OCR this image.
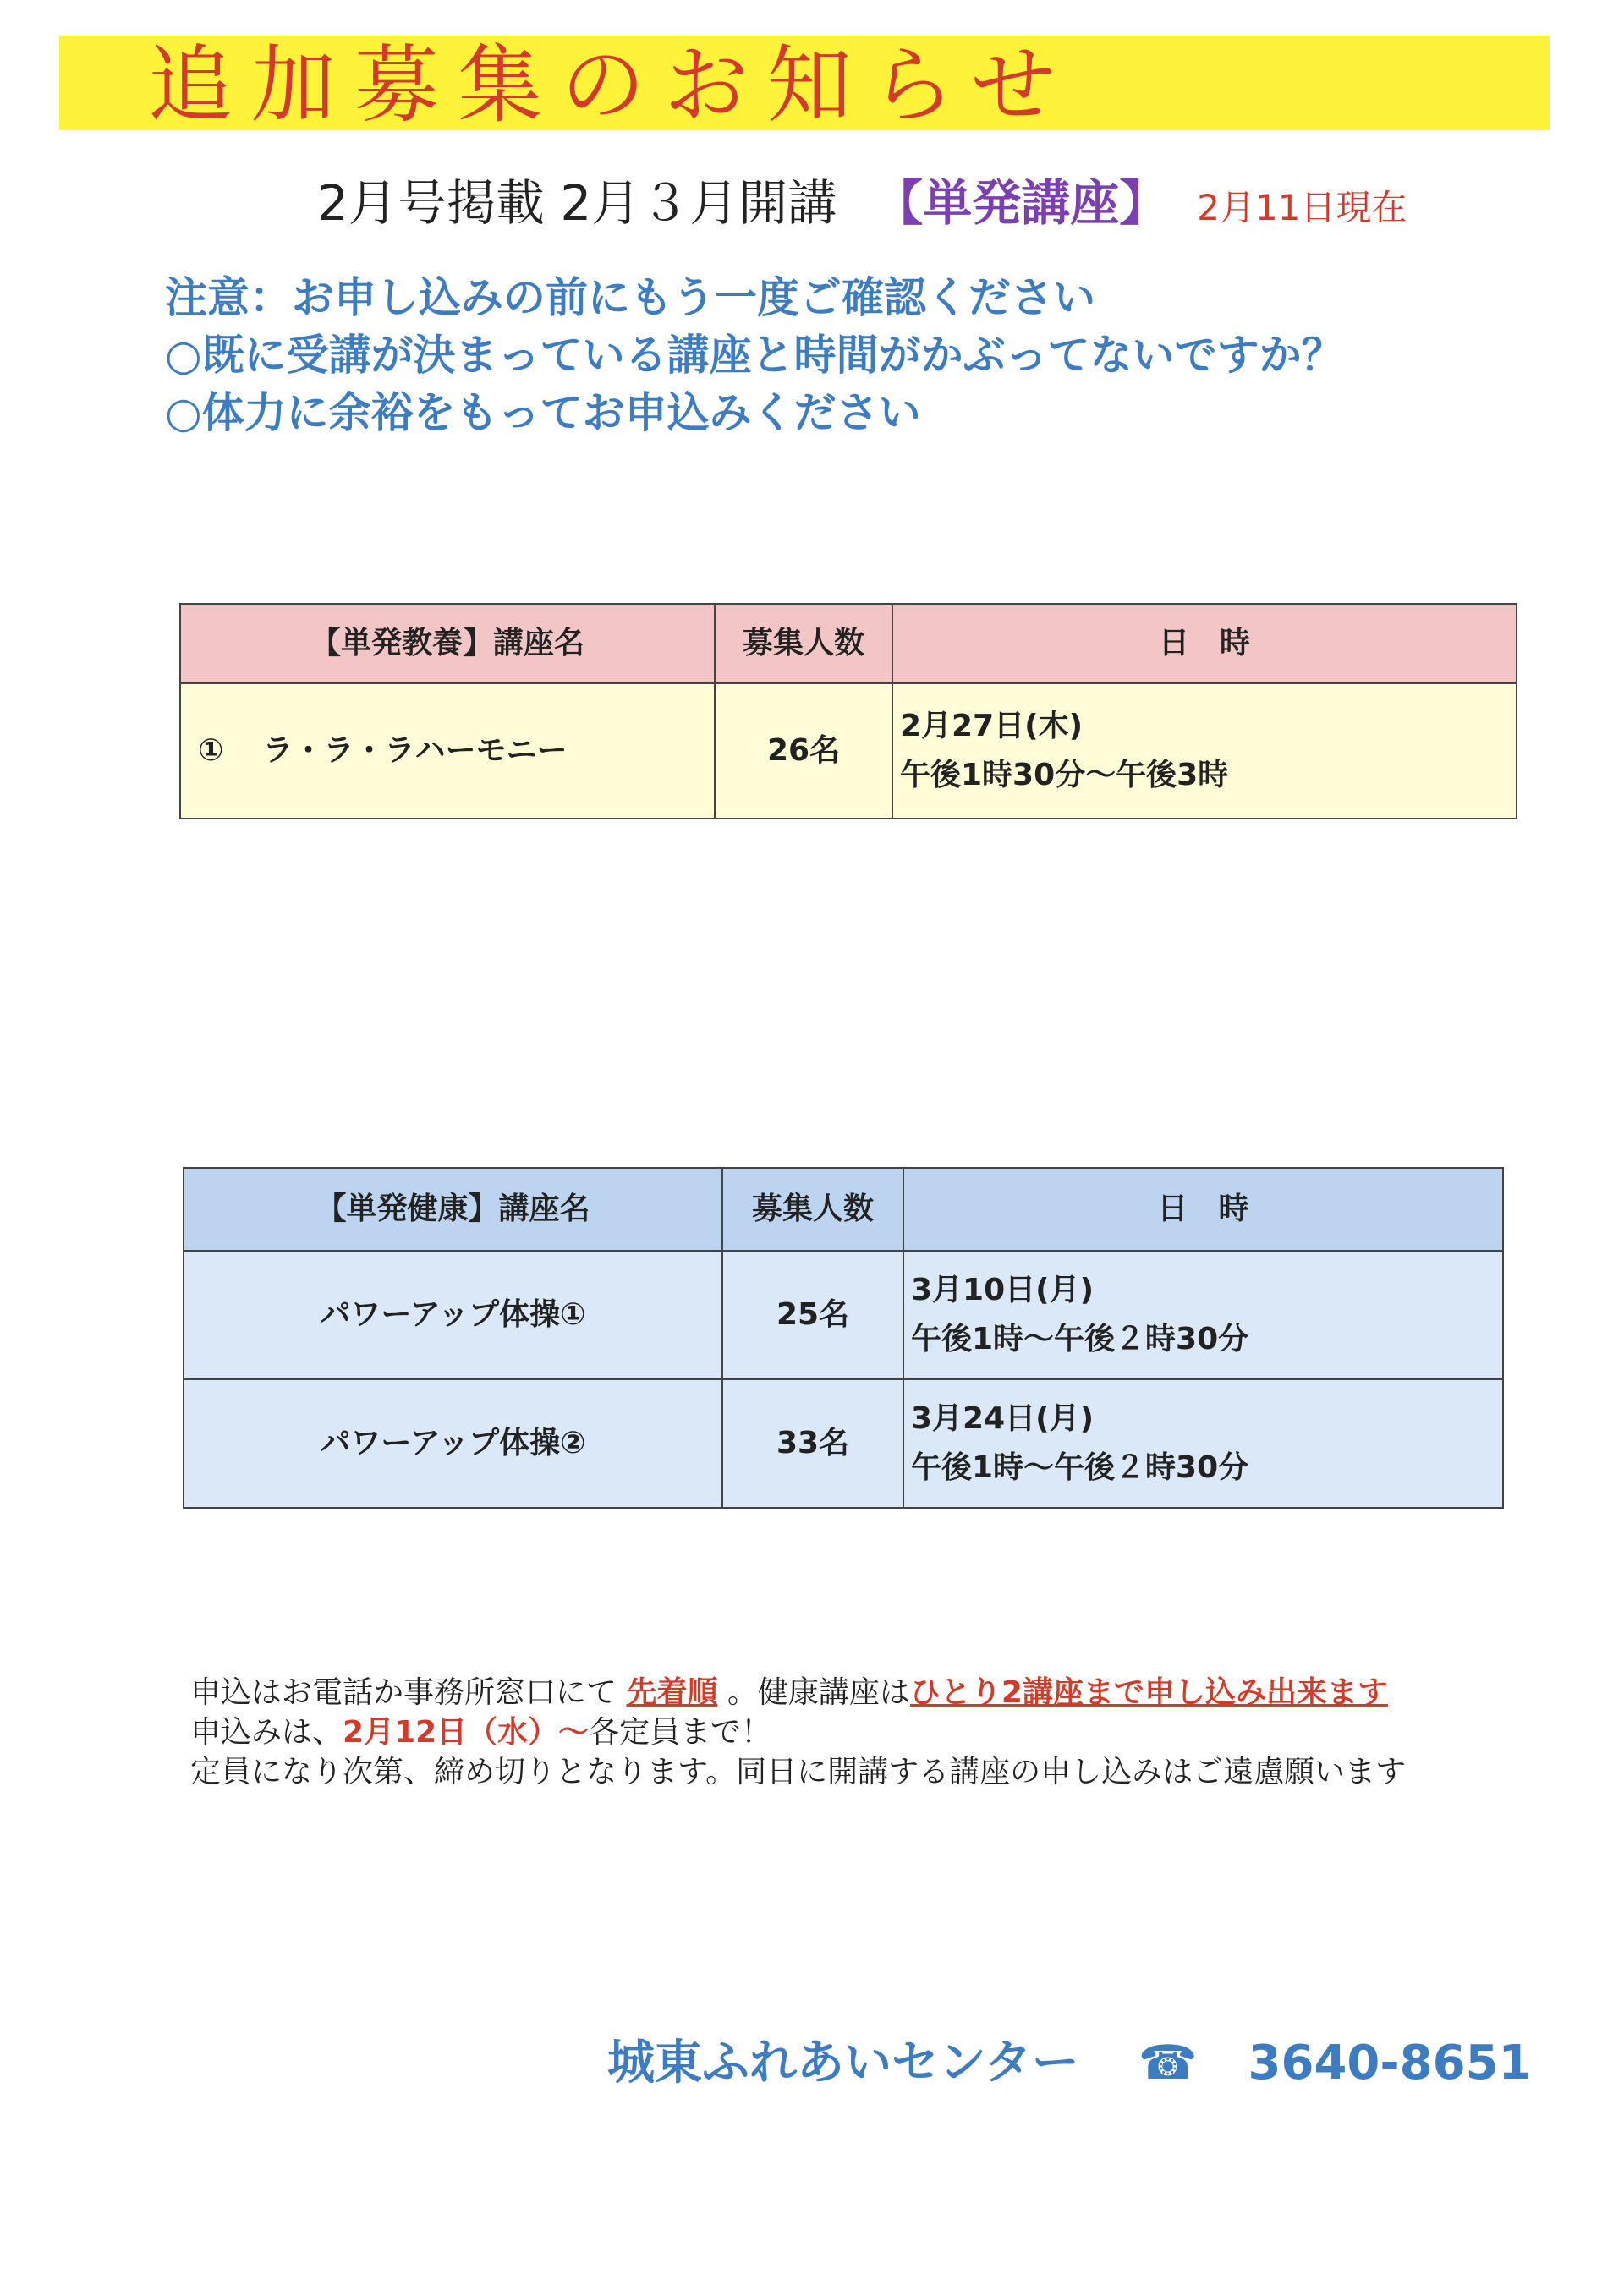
追加募集のお知らせ
2月号掲載 2月３月開講 【単発講座】 2月11日現在
注意：お申し込みの前にもう一度ご確認ください
○既に受講が決まっている講座と時間がかぶってないですか？
○体力に余裕をもってお申込みください
【単発教養】講座名	募集人数	日　時
① ラ・ラ・ラハーモニー	26名	2月27日(木)
午後1時30分～午後3時
【単発健康】講座名	募集人数	日　時
パワーアップ体操①	25名	3月10日(月)
午後1時～午後２時30分

パワーアップ体操②	33名	3月24日(月)
午後1時～午後２時30分
申込はお電話か事務所窓口にて 先着順 。健康講座はひとり2講座まで申し込み出来ます
申込みは、2月12日（水）～各定員まで！
定員になり次第、締め切りとなります。同日に開講する講座の申し込みはご遠慮願います
城東ふれあいセンター ☎ 3640-8651
